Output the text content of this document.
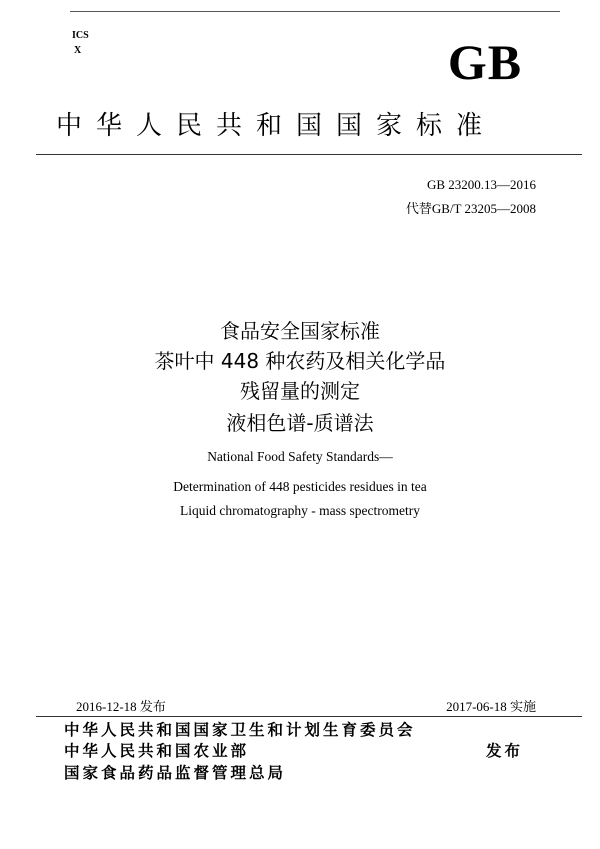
ICS
X	GB
中华人民共和国国家标准
GB 23200.13—2016
代替GB/T 23205—2008
食品安全国家标准
茶叶中 448 种农药及相关化学品
残留量的测定
液相色谱-质谱法
National Food Safety Standards—
Determination of 448 pesticides residues in tea
Liquid chromatography - mass spectrometry
2016-12-18 发布	2017-06-18 实施
中华人民共和国国家卫生和计划生育委员会
中华人民共和国农业部
国家食品药品监督管理总局
发布
